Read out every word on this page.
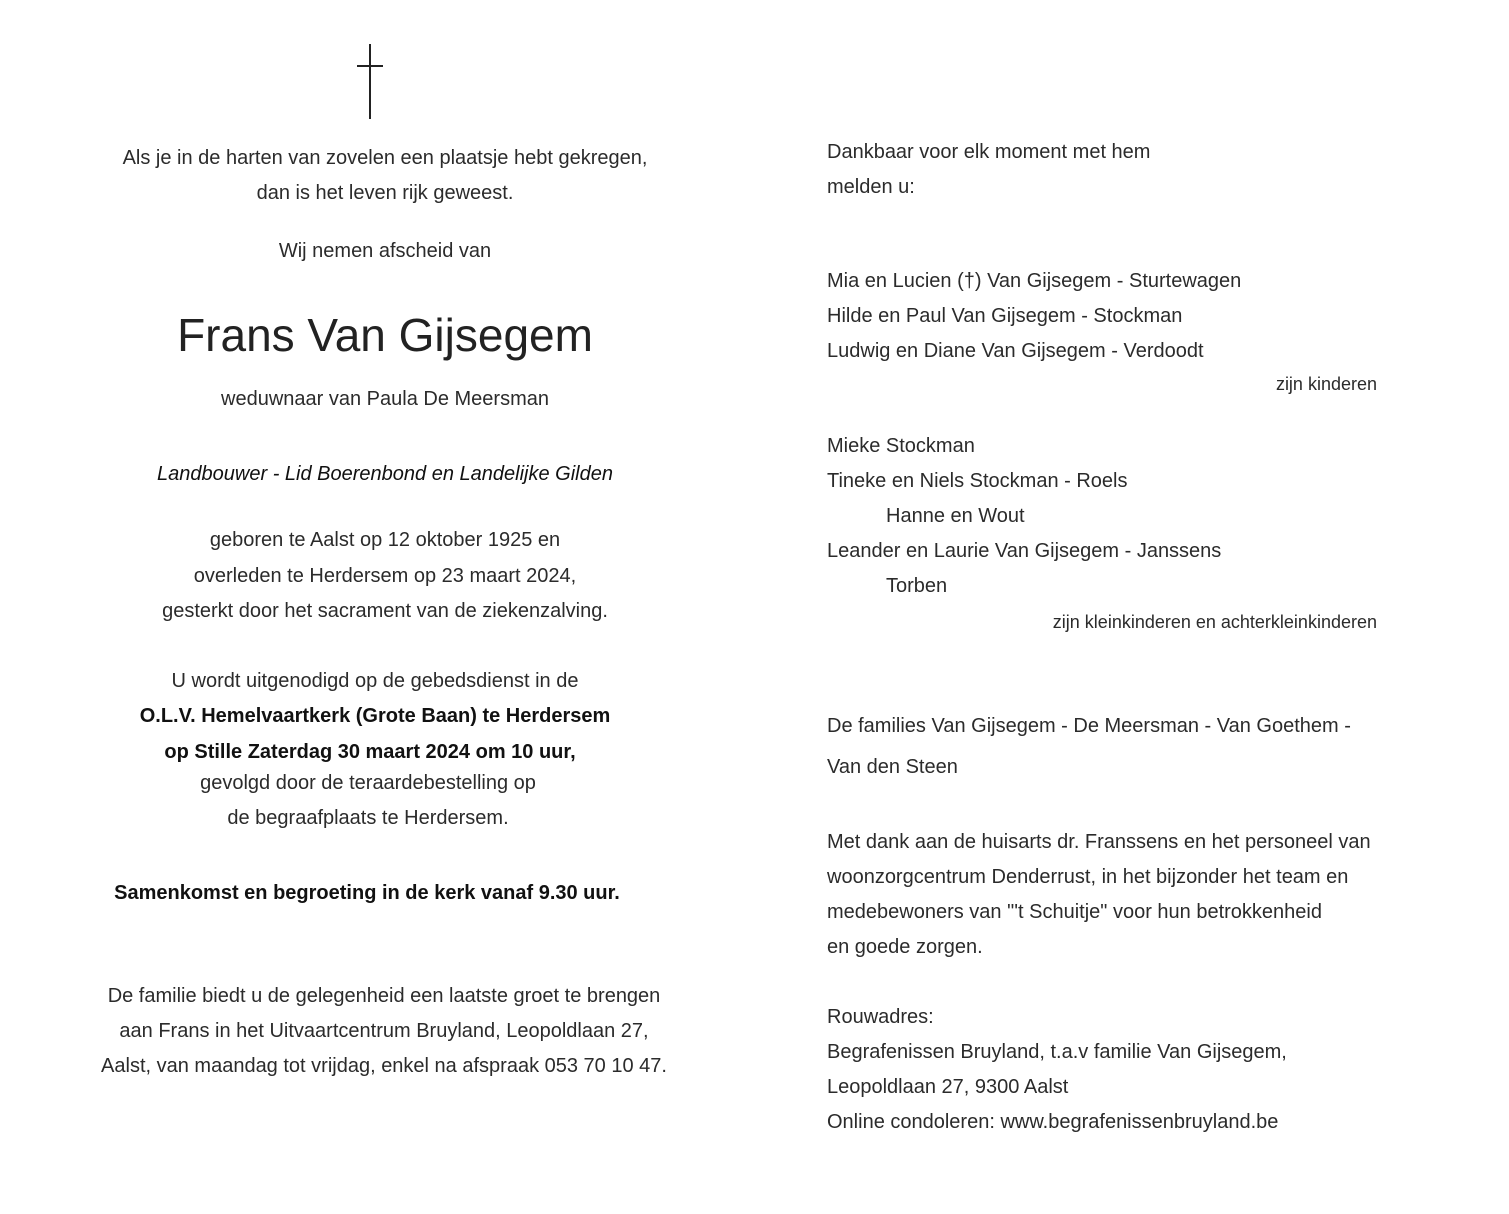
Als je in de harten van zovelen een plaatsje hebt gekregen,
dan is het leven rijk geweest.
Wij nemen afscheid van
Frans Van Gijsegem
weduwnaar van Paula De Meersman
Landbouwer - Lid Boerenbond en Landelijke Gilden
geboren te Aalst op 12 oktober 1925 en
overleden te Herdersem op 23 maart 2024,
gesterkt door het sacrament van de ziekenzalving.
U wordt uitgenodigd op de gebedsdienst in de
O.L.V. Hemelvaartkerk (Grote Baan) te Herdersem
op Stille Zaterdag 30 maart 2024 om 10 uur,
gevolgd door de teraardebestelling op
de begraafplaats te Herdersem.
Samenkomst en begroeting in de kerk vanaf 9.30 uur.
De familie biedt u de gelegenheid een laatste groet te brengen
aan Frans in het Uitvaartcentrum Bruyland, Leopoldlaan 27,
Aalst, van maandag tot vrijdag, enkel na afspraak 053 70 10 47.
Dankbaar voor elk moment met hem
melden u:
Mia en Lucien (†) Van Gijsegem - Sturtewagen
Hilde en Paul Van Gijsegem - Stockman
Ludwig en Diane Van Gijsegem - Verdoodt
zijn kinderen
Mieke Stockman
Tineke en Niels Stockman - Roels
Hanne en Wout
Leander en Laurie Van Gijsegem - Janssens
Torben
zijn kleinkinderen en achterkleinkinderen
De families Van Gijsegem - De Meersman - Van Goethem -
Van den Steen
Met dank aan de huisarts dr. Franssens en het personeel van
woonzorgcentrum Denderrust, in het bijzonder het team en
medebewoners van "'t Schuitje" voor hun betrokkenheid
en goede zorgen.
Rouwadres:
Begrafenissen Bruyland, t.a.v familie Van Gijsegem,
Leopoldlaan 27, 9300 Aalst
Online condoleren: www.begrafenissenbruyland.be
